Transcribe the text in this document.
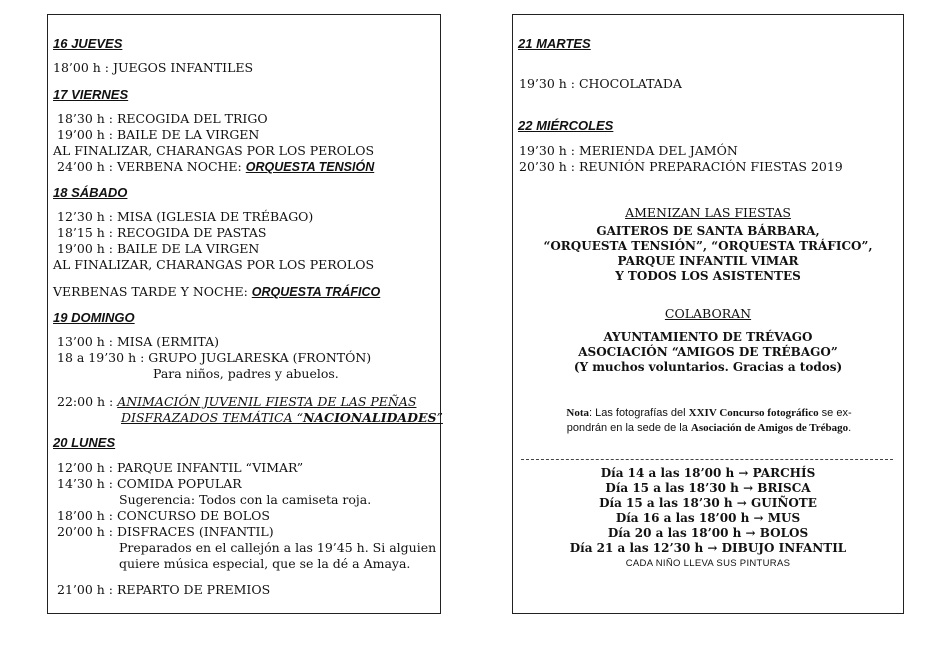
16 JUEVES
18’00 h : JUEGOS INFANTILES
17 VIERNES
18’30 h : RECOGIDA DEL TRIGO
19’00 h : BAILE DE LA VIRGEN
AL FINALIZAR, CHARANGAS POR LOS PEROLOS
24’00 h : VERBENA NOCHE: ORQUESTA TENSIÓN
18 SÁBADO
12’30 h : MISA (IGLESIA DE TRÉBAGO)
18’15 h : RECOGIDA DE PASTAS
19’00 h : BAILE DE LA VIRGEN
AL FINALIZAR, CHARANGAS POR LOS PEROLOS
VERBENAS TARDE Y NOCHE: ORQUESTA TRÁFICO
19 DOMINGO
13’00 h : MISA (ERMITA)
18 a 19’30 h : GRUPO JUGLARESKA (FRONTÓN)
Para niños, padres y abuelos.
22:00 h : ANIMACIÓN JUVENIL FIESTA DE LAS PEÑAS
DISFRAZADOS TEMÁTICA “NACIONALIDADES”
20 LUNES
12’00 h : PARQUE INFANTIL “VIMAR”
14’30 h : COMIDA POPULAR
Sugerencia: Todos con la camiseta roja.
18’00 h : CONCURSO DE BOLOS
20’00 h : DISFRACES (INFANTIL)
Preparados en el callejón a las 19’45 h. Si alguien
quiere música especial, que se la dé a Amaya.
21’00 h : REPARTO DE PREMIOS
21 MARTES
19’30 h : CHOCOLATADA
22 MIÉRCOLES
19’30 h : MERIENDA DEL JAMÓN
20’30 h : REUNIÓN PREPARACIÓN FIESTAS 2019
AMENIZAN LAS FIESTAS
GAITEROS DE SANTA BÁRBARA,
“ORQUESTA TENSIÓN”, “ORQUESTA TRÁFICO”,
PARQUE INFANTIL VIMAR
Y TODOS LOS ASISTENTES
COLABORAN
AYUNTAMIENTO DE TRÉVAGO
ASOCIACIÓN “AMIGOS DE TRÉBAGO”
(Y muchos voluntarios. Gracias a todos)
Nota: Las fotografías del XXIV Concurso fotográfico se ex-
pondrán en la sede de la Asociación de Amigos de Trébago.
Día 14 a las 18’00 h → PARCHÍS
Día 15 a las 18’30 h → BRISCA
Día 15 a las 18’30 h → GUIÑOTE
Día 16 a las 18’00 h → MUS
Día 20 a las 18’00 h → BOLOS
Día 21 a las 12’30 h → DIBUJO INFANTIL
CADA NIÑO LLEVA SUS PINTURAS
